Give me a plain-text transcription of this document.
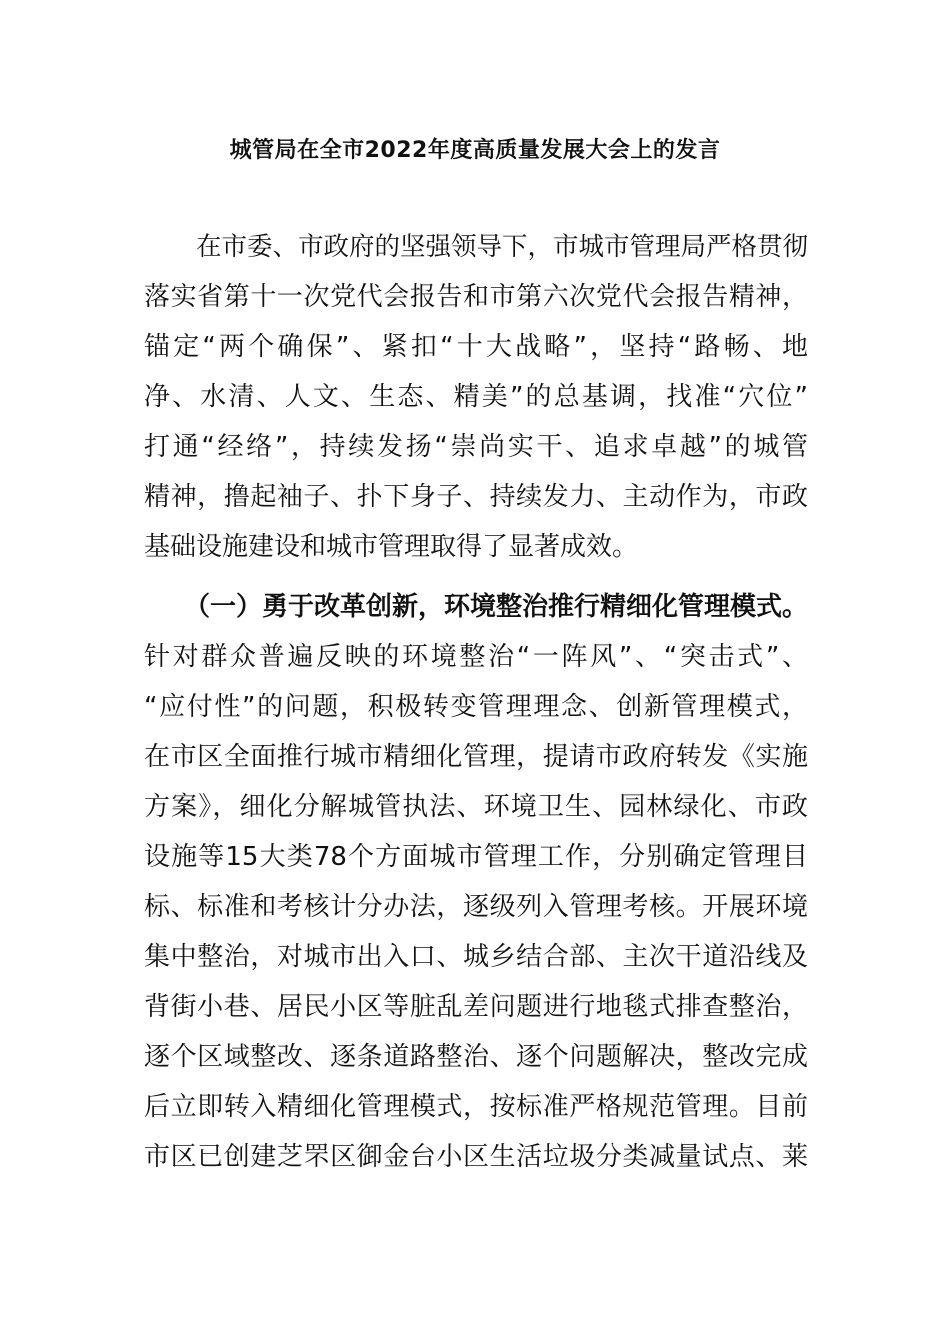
城管局在全市2022年度高质量发展大会上的发言
在市委、市政府的坚强领导下，市城市管理局严格贯彻
落实省第十一次党代会报告和市第六次党代会报告精神，
锚定“两个确保”、紧扣“十大战略”，坚持“路畅、地
净、水清、人文、生态、精美”的总基调，找准“穴位”
打通“经络”，持续发扬“崇尚实干、追求卓越”的城管
精神，撸起袖子、扑下身子、持续发力、主动作为，市政
基础设施建设和城市管理取得了显著成效。
（一）勇于改革创新，环境整治推行精细化管理模式。
针对群众普遍反映的环境整治“一阵风”、“突击式”、
“应付性”的问题，积极转变管理理念、创新管理模式，
在市区全面推行城市精细化管理，提请市政府转发《实施
方案》，细化分解城管执法、环境卫生、园林绿化、市政
设施等15大类78个方面城市管理工作，分别确定管理目
标、标准和考核计分办法，逐级列入管理考核。开展环境
集中整治，对城市出入口、城乡结合部、主次干道沿线及
背街小巷、居民小区等脏乱差问题进行地毯式排查整治，
逐个区域整改、逐条道路整治、逐个问题解决，整改完成
后立即转入精细化管理模式，按标准严格规范管理。目前
市区已创建芝罘区御金台小区生活垃圾分类减量试点、莱
